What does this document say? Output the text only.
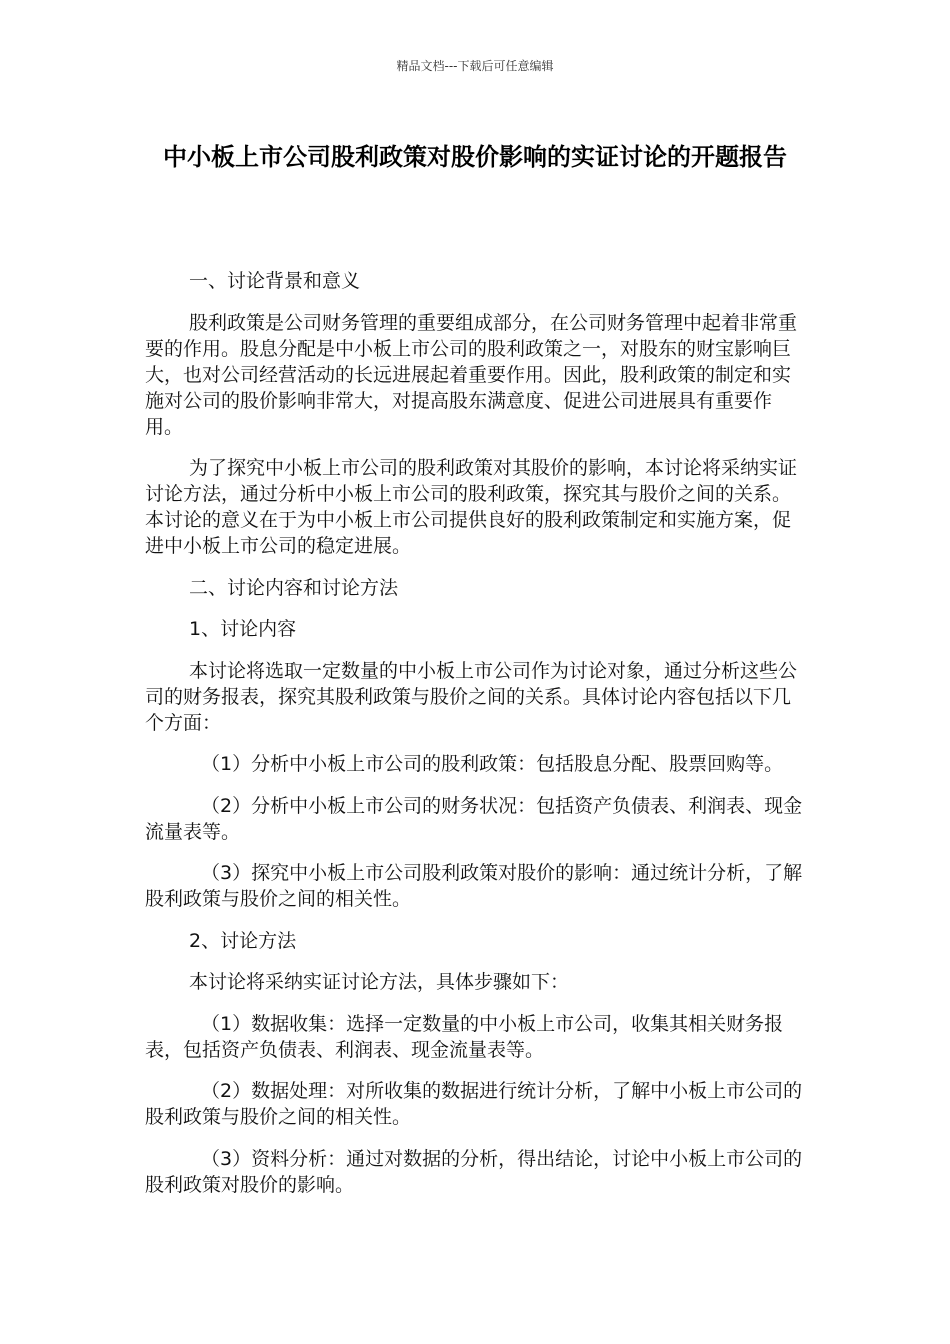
精品文档---下载后可任意编辑
中小板上市公司股利政策对股价影响的实证讨论的开题报告

一、讨论背景和意义

股利政策是公司财务管理的重要组成部分，在公司财务管理中起着非常重要的作用。股息分配是中小板上市公司的股利政策之一，对股东的财宝影响巨大，也对公司经营活动的长远进展起着重要作用。因此，股利政策的制定和实施对公司的股价影响非常大，对提高股东满意度、促进公司进展具有重要作用。

为了探究中小板上市公司的股利政策对其股价的影响，本讨论将采纳实证讨论方法，通过分析中小板上市公司的股利政策，探究其与股价之间的关系。本讨论的意义在于为中小板上市公司提供良好的股利政策制定和实施方案，促进中小板上市公司的稳定进展。

二、讨论内容和讨论方法

1、讨论内容

本讨论将选取一定数量的中小板上市公司作为讨论对象，通过分析这些公司的财务报表，探究其股利政策与股价之间的关系。具体讨论内容包括以下几个方面：

（1）分析中小板上市公司的股利政策：包括股息分配、股票回购等。

（2）分析中小板上市公司的财务状况：包括资产负债表、利润表、现金流量表等。

（3）探究中小板上市公司股利政策对股价的影响：通过统计分析，了解股利政策与股价之间的相关性。

2、讨论方法

本讨论将采纳实证讨论方法，具体步骤如下：

（1）数据收集：选择一定数量的中小板上市公司，收集其相关财务报表，包括资产负债表、利润表、现金流量表等。

（2）数据处理：对所收集的数据进行统计分析，了解中小板上市公司的股利政策与股价之间的相关性。

（3）资料分析：通过对数据的分析，得出结论，讨论中小板上市公司的股利政策对股价的影响。
